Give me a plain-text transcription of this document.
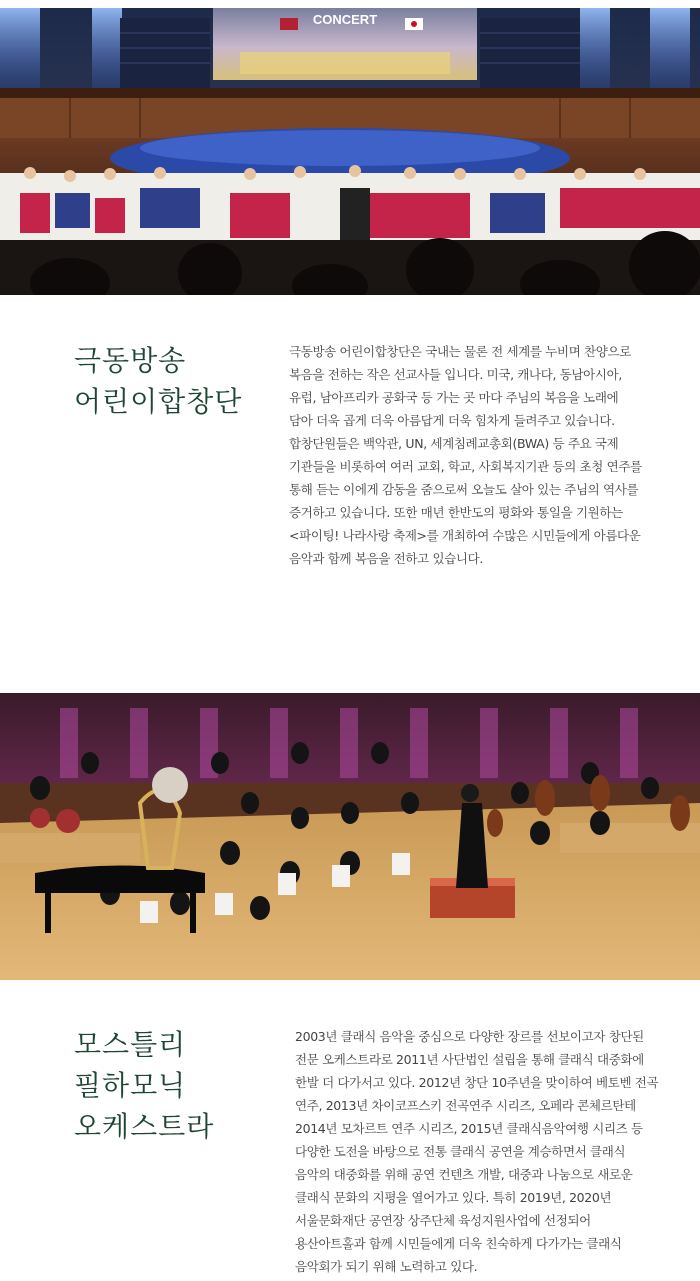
CONCERT
극동방송
어린이합창단

극동방송 어린이합창단은 국내는 물론 전 세계를 누비며 찬양으로

복음을 전하는 작은 선교사들 입니다. 미국, 캐나다, 동남아시아,

유럽, 남아프리카 공화국 등 가는 곳 마다 주님의 복음을 노래에

담아 더욱 곱게 더욱 아름답게 더욱 힘차게 들려주고 있습니다.

합창단원들은 백악관, UN, 세계침례교총회(BWA) 등 주요 국제

기관들을 비롯하여 여러 교회, 학교, 사회복지기관 등의 초청 연주를

통해 듣는 이에게 감동을 줌으로써 오늘도 살아 있는 주님의 역사를

증거하고 있습니다. 또한 매년 한반도의 평화와 통일을 기원하는

<파이팅! 나라사랑 축제>를 개최하여 수많은 시민들에게 아름다운

음악과 함께 복음을 전하고 있습니다.

모스틀리
필하모닉
오케스트라

2003년 클래식 음악을 중심으로 다양한 장르를 선보이고자 창단된

전문 오케스트라로 2011년 사단법인 설립을 통해 클래식 대중화에

한발 더 다가서고 있다. 2012년 창단 10주년을 맞이하여 베토벤 전곡

연주, 2013년 차이코프스키 전곡연주 시리즈, 오페라 콘체르탄테

2014년 모차르트 연주 시리즈, 2015년 클래식음악여행 시리즈 등

다양한 도전을 바탕으로 전통 클래식 공연을 계승하면서 클래식

음악의 대중화를 위해 공연 컨텐츠 개발, 대중과 나눔으로 새로운

클래식 문화의 지평을 열어가고 있다. 특히 2019년, 2020년

서울문화재단 공연장 상주단체 육성지원사업에 선정되어

용산아트홀과 함께 시민들에게 더욱 친숙하게 다가가는 클래식

음악회가 되기 위해 노력하고 있다.
